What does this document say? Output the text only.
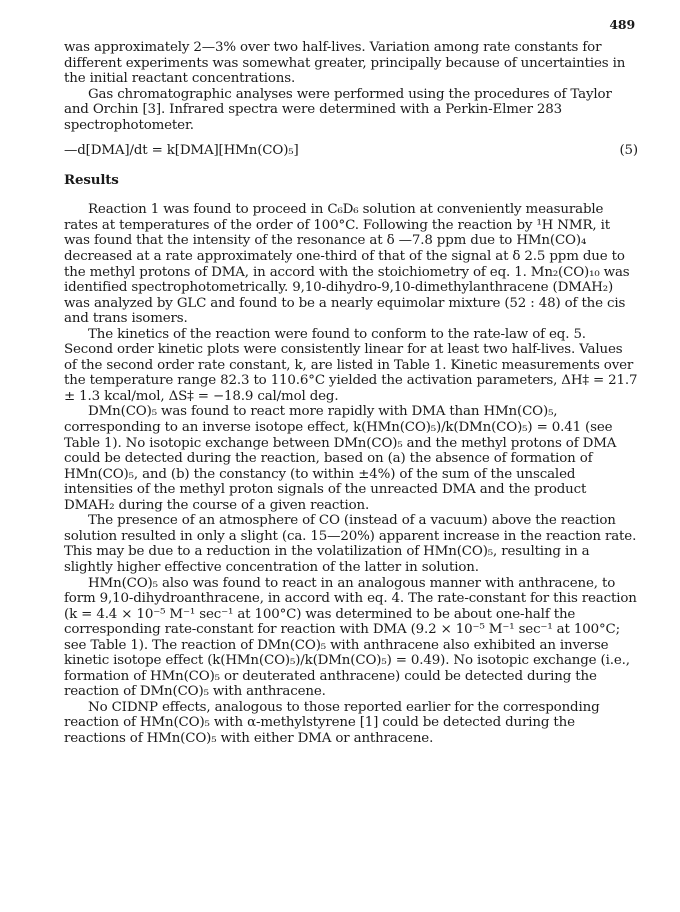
489

was approximately 2—3% over two half-lives. Variation among rate constants for different experiments was somewhat greater, principally because of uncertainties in the initial reactant concentrations.

Gas chromatographic analyses were performed using the procedures of Taylor and Orchin [3]. Infrared spectra were determined with a Perkin-Elmer 283 spectrophotometer.

—d[DMA]/dt = k[DMA][HMn(CO)₅]	(5)
Results

Reaction 1 was found to proceed in C₆D₆ solution at conveniently measurable rates at temperatures of the order of 100°C. Following the reaction by ¹H NMR, it was found that the intensity of the resonance at δ —7.8 ppm due to HMn(CO)₄ decreased at a rate approximately one-third of that of the signal at δ 2.5 ppm due to the methyl protons of DMA, in accord with the stoichiometry of eq. 1. Mn₂(CO)₁₀ was identified spectrophotometrically. 9,10-dihydro-9,10-dimethylanthracene (DMAH₂) was analyzed by GLC and found to be a nearly equimolar mixture (52 : 48) of the cis and trans isomers.

The kinetics of the reaction were found to conform to the rate-law of eq. 5. Second order kinetic plots were consistently linear for at least two half-lives. Values of the second order rate constant, k, are listed in Table 1. Kinetic measurements over the temperature range 82.3 to 110.6°C yielded the activation parameters, ΔH‡ = 21.7 ± 1.3 kcal/mol, ΔS‡ = −18.9 cal/mol deg.

DMn(CO)₅ was found to react more rapidly with DMA than HMn(CO)₅, corresponding to an inverse isotope effect, k(HMn(CO)₅)/k(DMn(CO)₅) = 0.41 (see Table 1). No isotopic exchange between DMn(CO)₅ and the methyl protons of DMA could be detected during the reaction, based on (a) the absence of formation of HMn(CO)₅, and (b) the constancy (to within ±4%) of the sum of the unscaled intensities of the methyl proton signals of the unreacted DMA and the product DMAH₂ during the course of a given reaction.

The presence of an atmosphere of CO (instead of a vacuum) above the reaction solution resulted in only a slight (ca. 15—20%) apparent increase in the reaction rate. This may be due to a reduction in the volatilization of HMn(CO)₅, resulting in a slightly higher effective concentration of the latter in solution.

HMn(CO)₅ also was found to react in an analogous manner with anthracene, to form 9,10-dihydroanthracene, in accord with eq. 4. The rate-constant for this reaction (k = 4.4 × 10⁻⁵ M⁻¹ sec⁻¹ at 100°C) was determined to be about one-half the corresponding rate-constant for reaction with DMA (9.2 × 10⁻⁵ M⁻¹ sec⁻¹ at 100°C; see Table 1). The reaction of DMn(CO)₅ with anthracene also exhibited an inverse kinetic isotope effect (k(HMn(CO)₅)/k(DMn(CO)₅) = 0.49). No isotopic exchange (i.e., formation of HMn(CO)₅ or deuterated anthracene) could be detected during the reaction of DMn(CO)₅ with anthracene.

No CIDNP effects, analogous to those reported earlier for the corresponding reaction of HMn(CO)₅ with α-methylstyrene [1] could be detected during the reactions of HMn(CO)₅ with either DMA or anthracene.
